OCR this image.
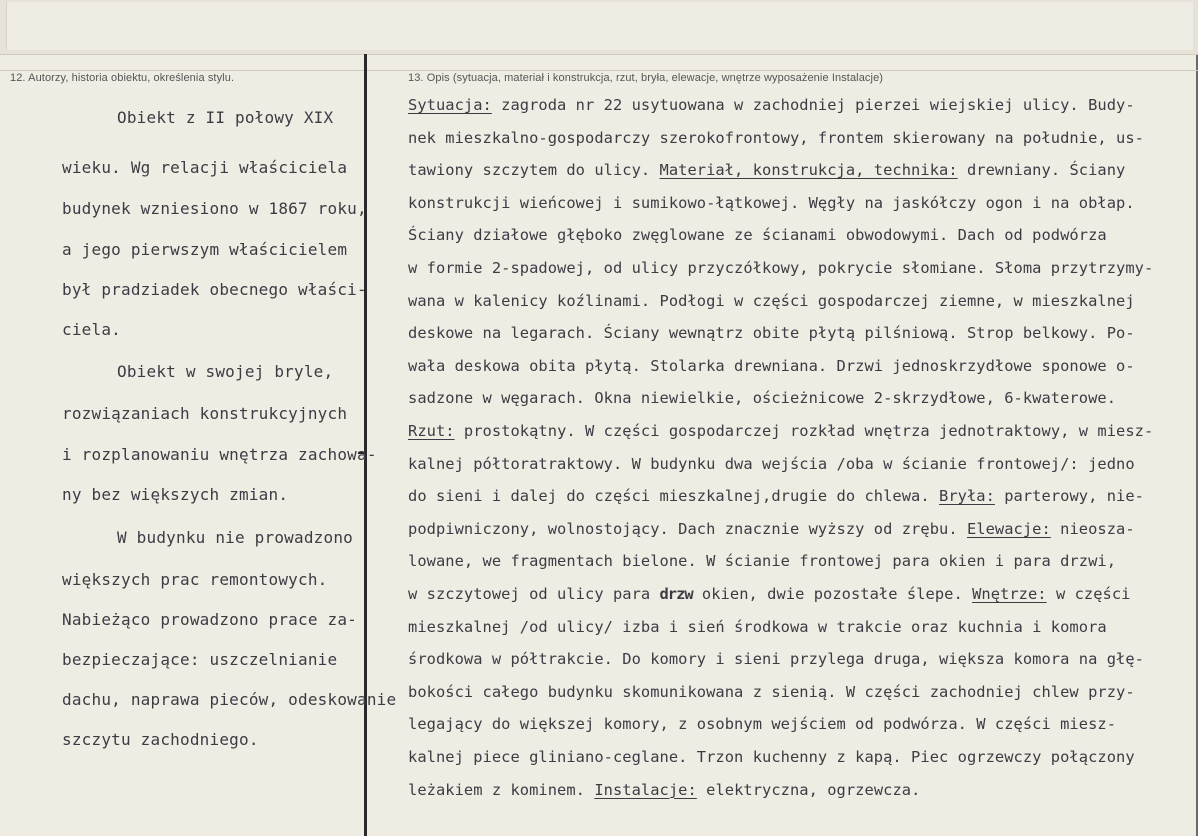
12. Autorzy, historia obiektu, określenia stylu.	13. Opis (sytuacja, materiał i konstrukcja, rzut, bryła, elewacje, wnętrze wyposażenie Instalacje)
Obiekt z II połowy XIX
wieku. Wg relacji właściciela
budynek wzniesiono w 1867 roku,
a jego pierwszym właścicielem
był pradziadek obecnego właści-
ciela.
Obiekt w swojej bryle,
rozwiązaniach konstrukcyjnych
i rozplanowaniu wnętrza zachowa-
ny bez większych zmian.
W budynku nie prowadzono
większych prac remontowych.
Nabieżąco prowadzono prace za-
bezpieczające: uszczelnianie
dachu, naprawa pieców, odeskowanie
szczytu zachodniego.
Sytuacja: zagroda nr 22 usytuowana w zachodniej pierzei wiejskiej ulicy. Budy-
nek mieszkalno-gospodarczy szerokofrontowy, frontem skierowany na południe, us-
tawiony szczytem do ulicy. Materiał, konstrukcja, technika: drewniany. Ściany
konstrukcji wieńcowej i sumikowo-łątkowej. Węgły na jaskółczy ogon i na obłap.
Ściany działowe głęboko zwęglowane ze ścianami obwodowymi. Dach od podwórza
w formie 2-spadowej, od ulicy przyczółkowy, pokrycie słomiane. Słoma przytrzymy-
wana w kalenicy koźlinami. Podłogi w części gospodarczej ziemne, w mieszkalnej
deskowe na legarach. Ściany wewnątrz obite płytą pilśniową. Strop belkowy. Po-
wała deskowa obita płytą. Stolarka drewniana. Drzwi jednoskrzydłowe sponowe o-
sadzone w węgarach. Okna niewielkie, ościeżnicowe 2-skrzydłowe, 6-kwaterowe.
Rzut: prostokątny. W części gospodarczej rozkład wnętrza jednotraktowy, w miesz-
kalnej półtoratraktowy. W budynku dwa wejścia /oba w ścianie frontowej/: jedno
do sieni i dalej do części mieszkalnej,drugie do chlewa. Bryła: parterowy, nie-
podpiwniczony, wolnostojący. Dach znacznie wyższy od zrębu. Elewacje: nieosza-
lowane, we fragmentach bielone. W ścianie frontowej para okien i para drzwi,
w szczytowej od ulicy para drzw okien, dwie pozostałe ślepe. Wnętrze: w części
mieszkalnej /od ulicy/ izba i sień środkowa w trakcie oraz kuchnia i komora
środkowa w półtrakcie. Do komory i sieni przylega druga, większa komora na głę-
bokości całego budynku skomunikowana z sienią. W części zachodniej chlew przy-
legający do większej komory, z osobnym wejściem od podwórza. W części miesz-
kalnej piece gliniano-ceglane. Trzon kuchenny z kapą. Piec ogrzewczy połączony
leżakiem z kominem. Instalacje: elektryczna, ogrzewcza.
